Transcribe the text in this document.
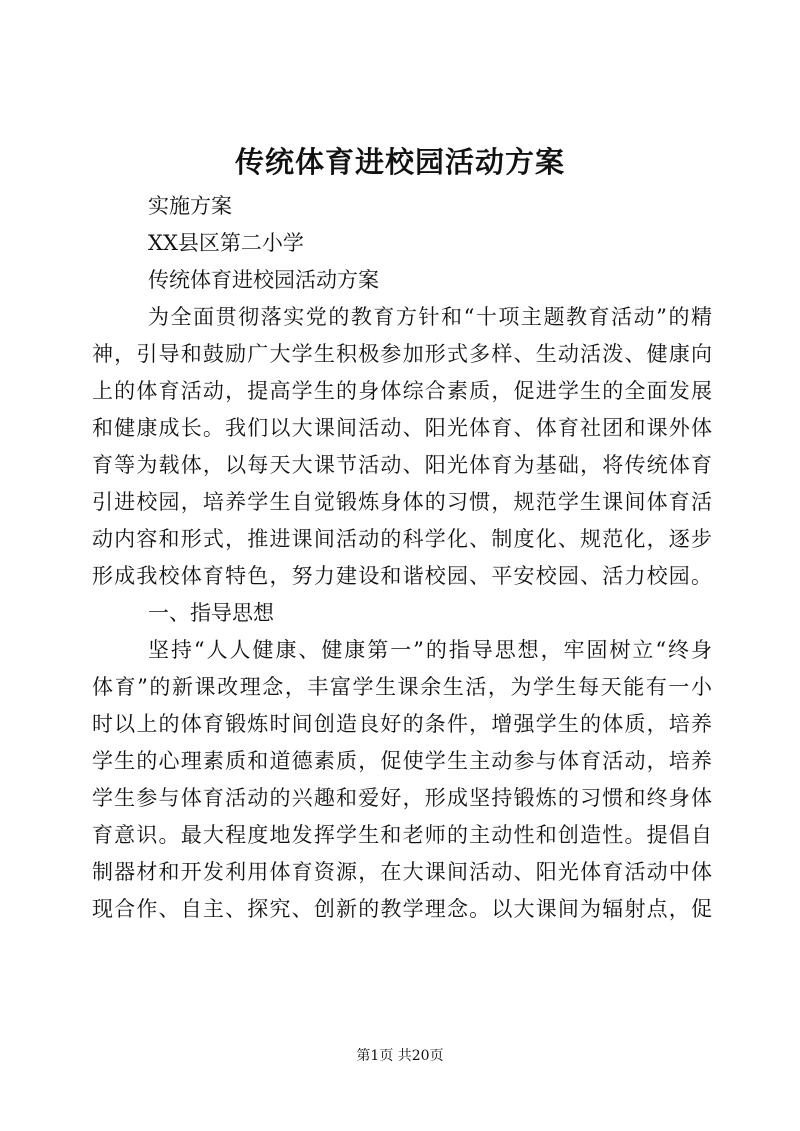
传统体育进校园活动方案
实施方案
XX县区第二小学
传统体育进校园活动方案
为全面贯彻落实党的教育方针和“十项主题教育活动”的精
神，引导和鼓励广大学生积极参加形式多样、生动活泼、健康向
上的体育活动，提高学生的身体综合素质，促进学生的全面发展
和健康成长。我们以大课间活动、阳光体育、体育社团和课外体
育等为载体，以每天大课节活动、阳光体育为基础，将传统体育
引进校园，培养学生自觉锻炼身体的习惯，规范学生课间体育活
动内容和形式，推进课间活动的科学化、制度化、规范化，逐步
形成我校体育特色，努力建设和谐校园、平安校园、活力校园。
一、指导思想
坚持“人人健康、健康第一”的指导思想，牢固树立“终身
体育”的新课改理念，丰富学生课余生活，为学生每天能有一小
时以上的体育锻炼时间创造良好的条件，增强学生的体质，培养
学生的心理素质和道德素质，促使学生主动参与体育活动，培养
学生参与体育活动的兴趣和爱好，形成坚持锻炼的习惯和终身体
育意识。最大程度地发挥学生和老师的主动性和创造性。提倡自
制器材和开发利用体育资源，在大课间活动、阳光体育活动中体
现合作、自主、探究、创新的教学理念。以大课间为辐射点，促
第1页 共20页
